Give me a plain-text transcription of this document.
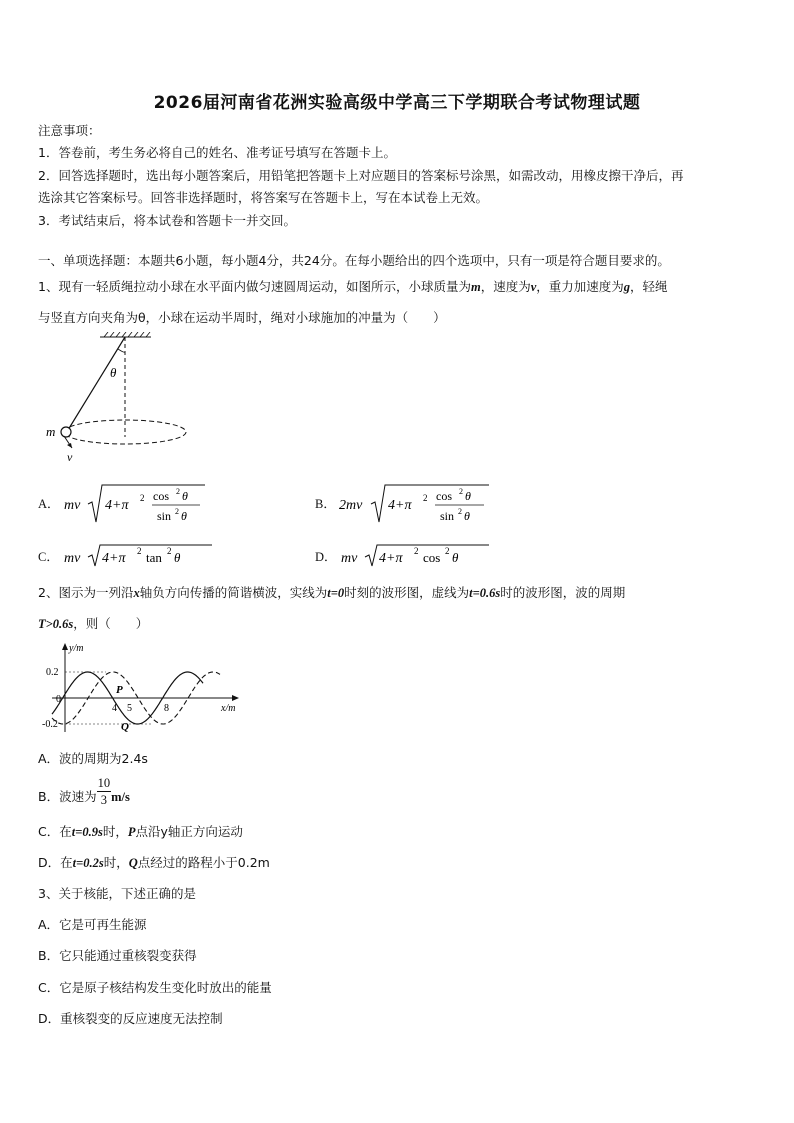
2026届河南省花洲实验高级中学高三下学期联合考试物理试题
注意事项：
1．答卷前，考生务必将自己的姓名、准考证号填写在答题卡上。
2．回答选择题时，选出每小题答案后，用铅笔把答题卡上对应题目的答案标号涂黑，如需改动，用橡皮擦干净后，再
选涂其它答案标号。回答非选择题时，将答案写在答题卡上，写在本试卷上无效。
3．考试结束后，将本试卷和答题卡一并交回。
一、单项选择题：本题共6小题，每小题4分，共24分。在每小题给出的四个选项中，只有一项是符合题目要求的。
1、现有一轻质绳拉动小球在水平面内做匀速圆周运动，如图所示，小球质量为m，速度为v，重力加速度为g，轻绳
与竖直方向夹角为θ，小球在运动半周时，绳对小球施加的冲量为（　　）
θ
m
v
A． mv 4+π 2 cos 2 θ
sin 2 θ
B． 2mv 4+π 2 cos 2 θ
sin 2 θ
C． mv 4+π 2 tan 2 θ	D． mv 4+π 2 cos 2 θ
2、图示为一列沿x轴负方向传播的简谐横波，实线为t=0时刻的波形图，虚线为t=0.6s时的波形图，波的周期
T>0.6s，则（　　）
y/m
x/m
0.2
0
-0.2
4 5	8
P
Q
A．波的周期为2.4s
B．波速为 $\frac{10}{3} m/s$
C．在t=0.9s时，P点沿y轴正方向运动
D．在t=0.2s时，Q点经过的路程小于0.2m
3、关于核能，下述正确的是
A．它是可再生能源
B．它只能通过重核裂变获得
C．它是原子核结构发生变化时放出的能量
D．重核裂变的反应速度无法控制
